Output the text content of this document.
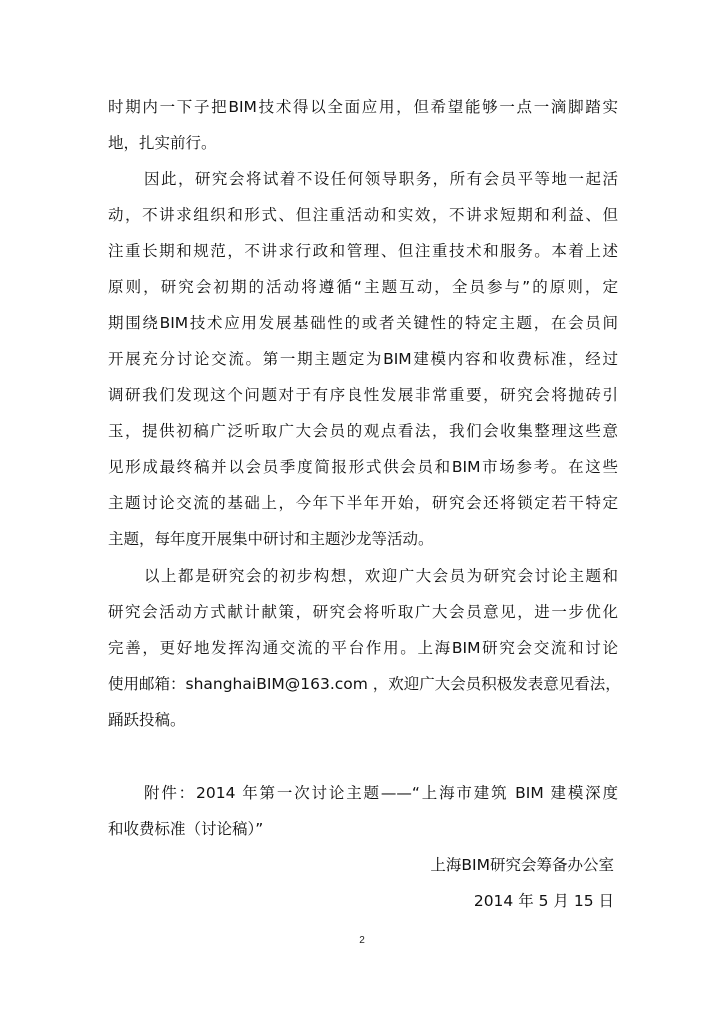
时期内一下子把BIM技术得以全面应用，但希望能够一点一滴脚踏实
地，扎实前行。
因此，研究会将试着不设任何领导职务，所有会员平等地一起活
动，不讲求组织和形式、但注重活动和实效，不讲求短期和利益、但
注重长期和规范，不讲求行政和管理、但注重技术和服务。本着上述
原则，研究会初期的活动将遵循“主题互动，全员参与”的原则，定
期围绕BIM技术应用发展基础性的或者关键性的特定主题，在会员间
开展充分讨论交流。第一期主题定为BIM建模内容和收费标准，经过
调研我们发现这个问题对于有序良性发展非常重要，研究会将抛砖引
玉，提供初稿广泛听取广大会员的观点看法，我们会收集整理这些意
见形成最终稿并以会员季度简报形式供会员和BIM市场参考。在这些
主题讨论交流的基础上，今年下半年开始，研究会还将锁定若干特定
主题，每年度开展集中研讨和主题沙龙等活动。
以上都是研究会的初步构想，欢迎广大会员为研究会讨论主题和
研究会活动方式献计献策，研究会将听取广大会员意见，进一步优化
完善，更好地发挥沟通交流的平台作用。上海BIM研究会交流和讨论
使用邮箱：shanghaiBIM@163.com ，欢迎广大会员积极发表意见看法，
踊跃投稿。
附件：2014 年第一次讨论主题——“上海市建筑 BIM 建模深度
和收费标准（讨论稿）”
上海BIM研究会筹备办公室
2014 年 5 月 15 日
2
